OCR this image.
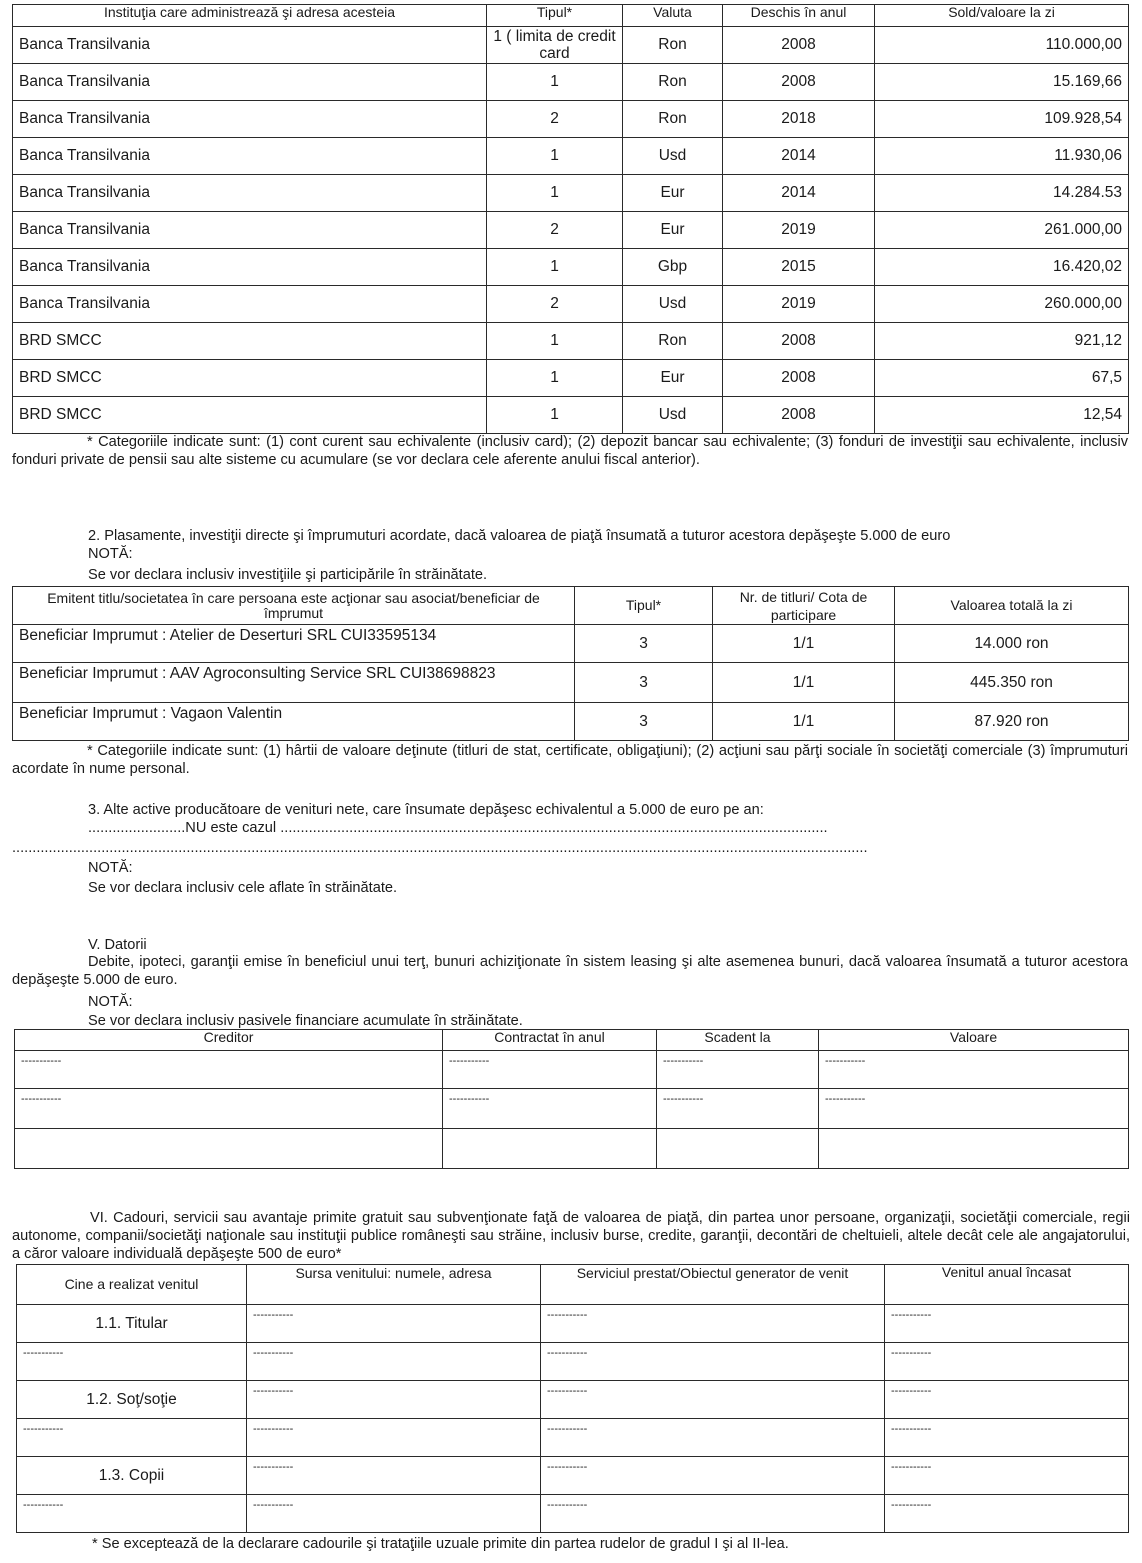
Instituţia care administrează şi adresa acesteia	Tipul*	Valuta	Deschis în anul	Sold/valoare la zi
Banca Transilvania	1 ( limita de credit card	Ron	2008	110.000,00
Banca Transilvania	1	Ron	2008	15.169,66
Banca Transilvania	2	Ron	2018	109.928,54
Banca Transilvania	1	Usd	2014	11.930,06
Banca Transilvania	1	Eur	2014	14.284.53
Banca Transilvania	2	Eur	2019	261.000,00
Banca Transilvania	1	Gbp	2015	16.420,02
Banca Transilvania	2	Usd	2019	260.000,00
BRD SMCC	1	Ron	2008	921,12
BRD SMCC	1	Eur	2008	67,5
BRD SMCC	1	Usd	2008	12,54
* Categoriile indicate sunt: (1) cont curent sau echivalente (inclusiv card); (2) depozit bancar sau echivalente; (3) fonduri de investiţii sau echivalente, inclusiv fonduri private de pensii sau alte sisteme cu acumulare (se vor declara cele aferente anului fiscal anterior).
2. Plasamente, investiţii directe şi împrumuturi acordate, dacă valoarea de piaţă însumată a tuturor acestora depăşeşte 5.000 de euro
NOTĂ:
Se vor declara inclusiv investiţiile şi participările în străinătate.
Emitent titlu/societatea în care persoana este acţionar sau asociat/beneficiar de împrumut	Tipul*	Nr. de titluri/ Cota de participare	Valoarea totală la zi
Beneficiar Imprumut : Atelier de Deserturi SRL CUI33595134	3	1/1	14.000 ron
Beneficiar Imprumut : AAV Agroconsulting Service SRL CUI38698823	3	1/1	445.350 ron
Beneficiar Imprumut : Vagaon Valentin	3	1/1	87.920 ron
* Categoriile indicate sunt: (1) hârtii de valoare deţinute (titluri de stat, certificate, obligaţiuni); (2) acţiuni sau părţi sociale în societăţi comerciale (3) împrumuturi acordate în nume personal.
3. Alte active producătoare de venituri nete, care însumate depăşesc echivalentul a 5.000 de euro pe an:
........................NU este cazul .......................................................................................................................................
...................................................................................................................................................................................................................
NOTĂ:
Se vor declara inclusiv cele aflate în străinătate.
V. Datorii
Debite, ipoteci, garanţii emise în beneficiul unui terţ, bunuri achiziţionate în sistem leasing şi alte asemenea bunuri, dacă valoarea însumată a tuturor acestora depăşeşte 5.000 de euro.
NOTĂ:
Se vor declara inclusiv pasivele financiare acumulate în străinătate.
Creditor	Contractat în anul	Scadent la	Valoare
-----------	-----------	-----------	-----------
-----------	-----------	-----------	-----------

VI. Cadouri, servicii sau avantaje primite gratuit sau subvenţionate faţă de valoarea de piaţă, din partea unor persoane, organizaţii, societăţii comerciale, regii autonome, companii/societăţi naţionale sau instituţii publice româneşti sau străine, inclusiv burse, credite, garanţii, decontări de cheltuieli, altele decât cele ale angajatorului, a căror valoare individuală depăşeşte 500 de euro*
Cine a realizat venitul	Sursa venitului: numele, adresa	Serviciul prestat/Obiectul generator de venit	Venitul anual încasat
1.1. Titular	-----------	-----------	-----------
-----------	-----------	-----------	-----------
1.2. Soţ/soţie	-----------	-----------	-----------
-----------	-----------	-----------	-----------
1.3. Copii	-----------	-----------	-----------
-----------	-----------	-----------	-----------
* Se exceptează de la declarare cadourile şi trataţiile uzuale primite din partea rudelor de gradul I şi al II-lea.
